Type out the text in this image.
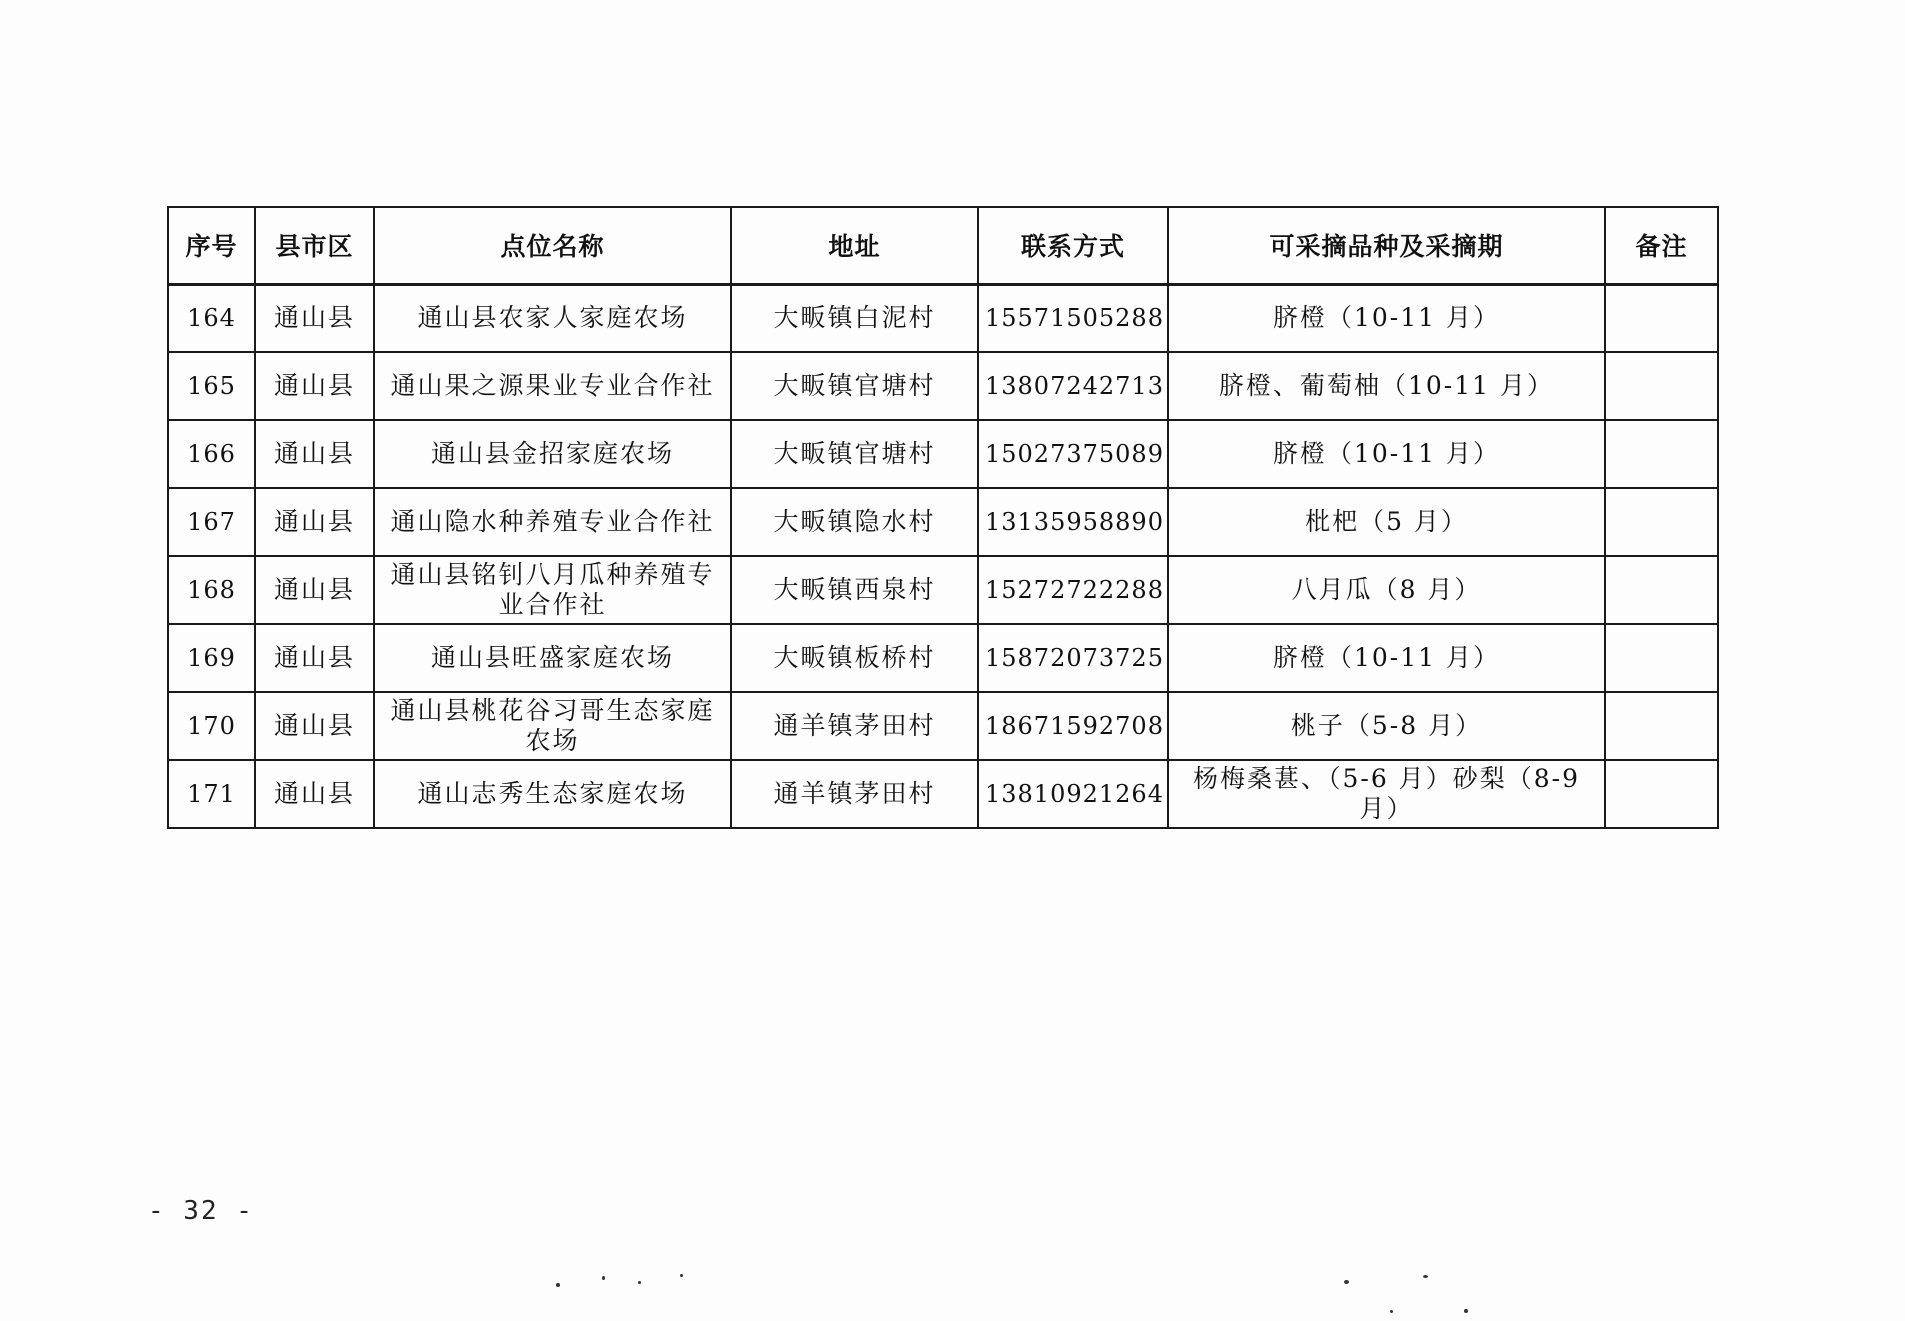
序号	县市区	点位名称	地址	联系方式	可采摘品种及采摘期	备注
164	通山县	通山县农家人家庭农场	大畈镇白泥村	15571505288	脐橙（10-11 月）	
165	通山县	通山果之源果业专业合作社	大畈镇官塘村	13807242713	脐橙、葡萄柚（10-11 月）	
166	通山县	通山县金招家庭农场	大畈镇官塘村	15027375089	脐橙（10-11 月）	
167	通山县	通山隐水种养殖专业合作社	大畈镇隐水村	13135958890	枇杷（5 月）	
168	通山县	通山县铭钊八月瓜种养殖专业合作社	大畈镇西泉村	15272722288	八月瓜（8 月）	
169	通山县	通山县旺盛家庭农场	大畈镇板桥村	15872073725	脐橙（10-11 月）	
170	通山县	通山县桃花谷习哥生态家庭农场	通羊镇茅田村	18671592708	桃子（5-8 月）	
171	通山县	通山志秀生态家庭农场	通羊镇茅田村	13810921264	杨梅桑葚、（5-6 月）砂梨（8-9 月）	
- 32 -
